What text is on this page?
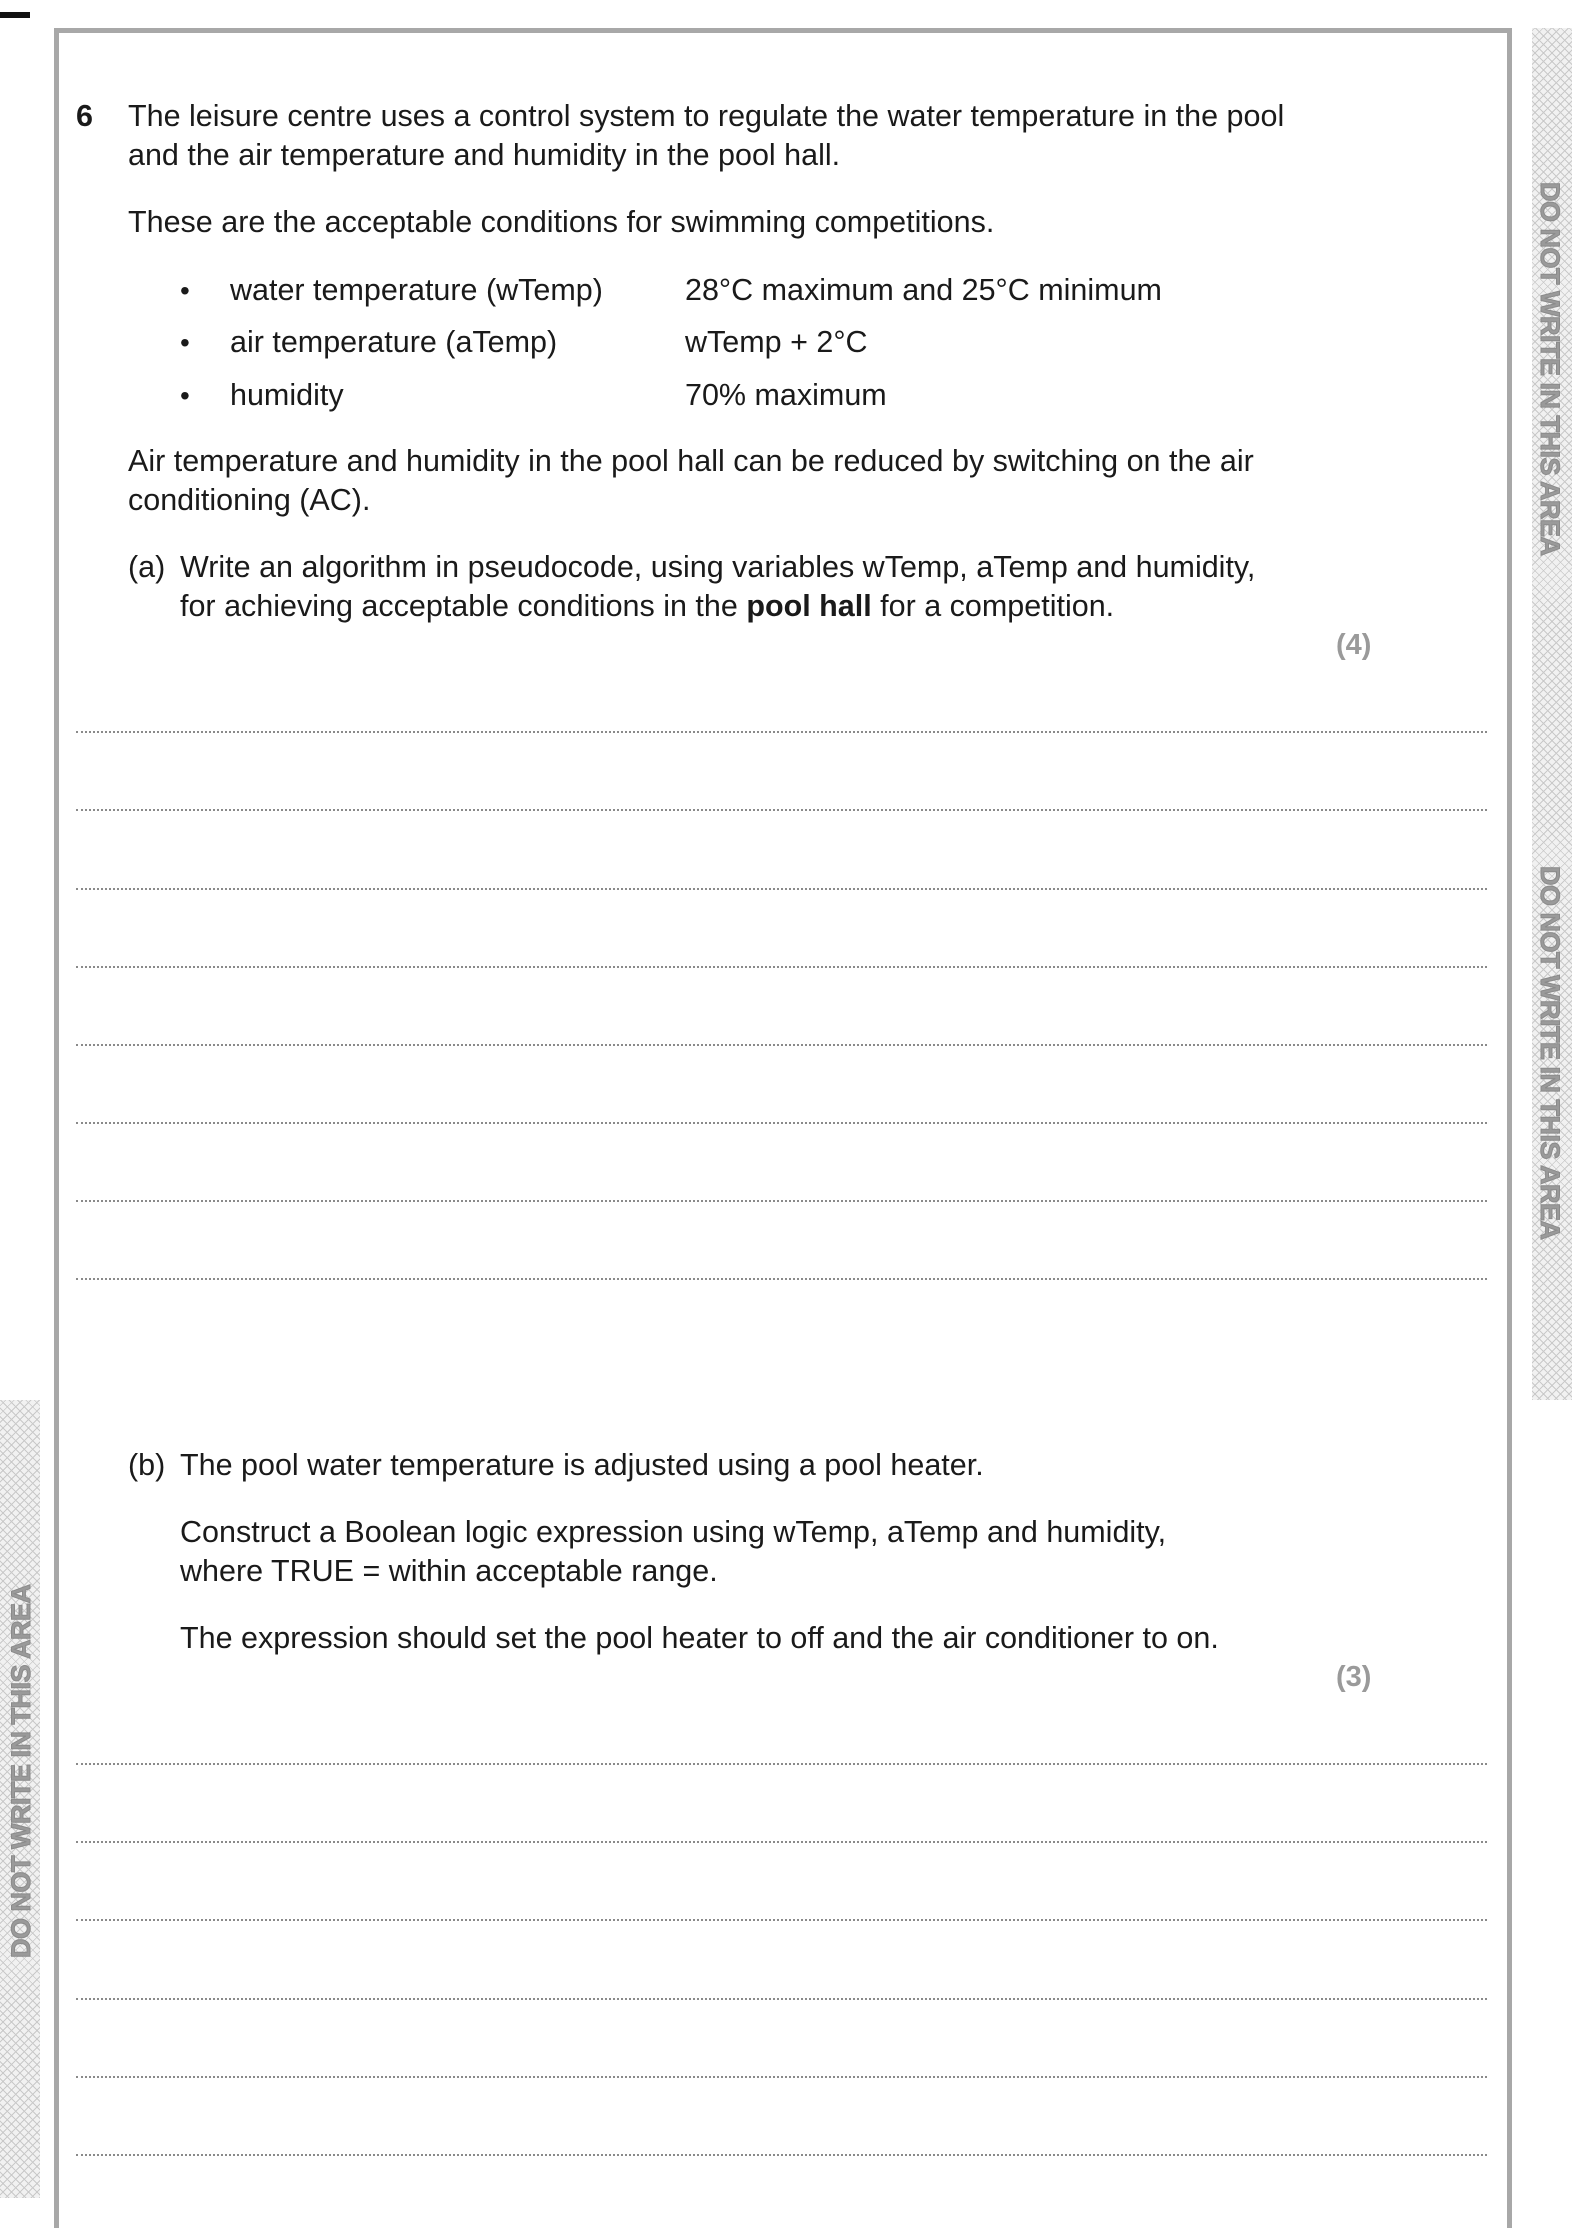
DO NOT WRITE IN THIS AREA
DO NOT WRITE IN THIS AREA
DO NOT WRITE IN THIS AREA
6 The leisure centre uses a control system to regulate the water temperature in the pool
and the air temperature and humidity in the pool hall.
These are the acceptable conditions for swimming competitions.
• water temperature (wTemp)	28°C maximum and 25°C minimum
• air temperature (aTemp)	wTemp + 2°C
• humidity	70% maximum
Air temperature and humidity in the pool hall can be reduced by switching on the air
conditioning (AC).
(a) Write an algorithm in pseudocode, using variables wTemp, aTemp and humidity,
for achieving acceptable conditions in the pool hall for a competition.
(4)
(b) The pool water temperature is adjusted using a pool heater.
Construct a Boolean logic expression using wTemp, aTemp and humidity,
where TRUE = within acceptable range.
The expression should set the pool heater to off and the air conditioner to on.
(3)
